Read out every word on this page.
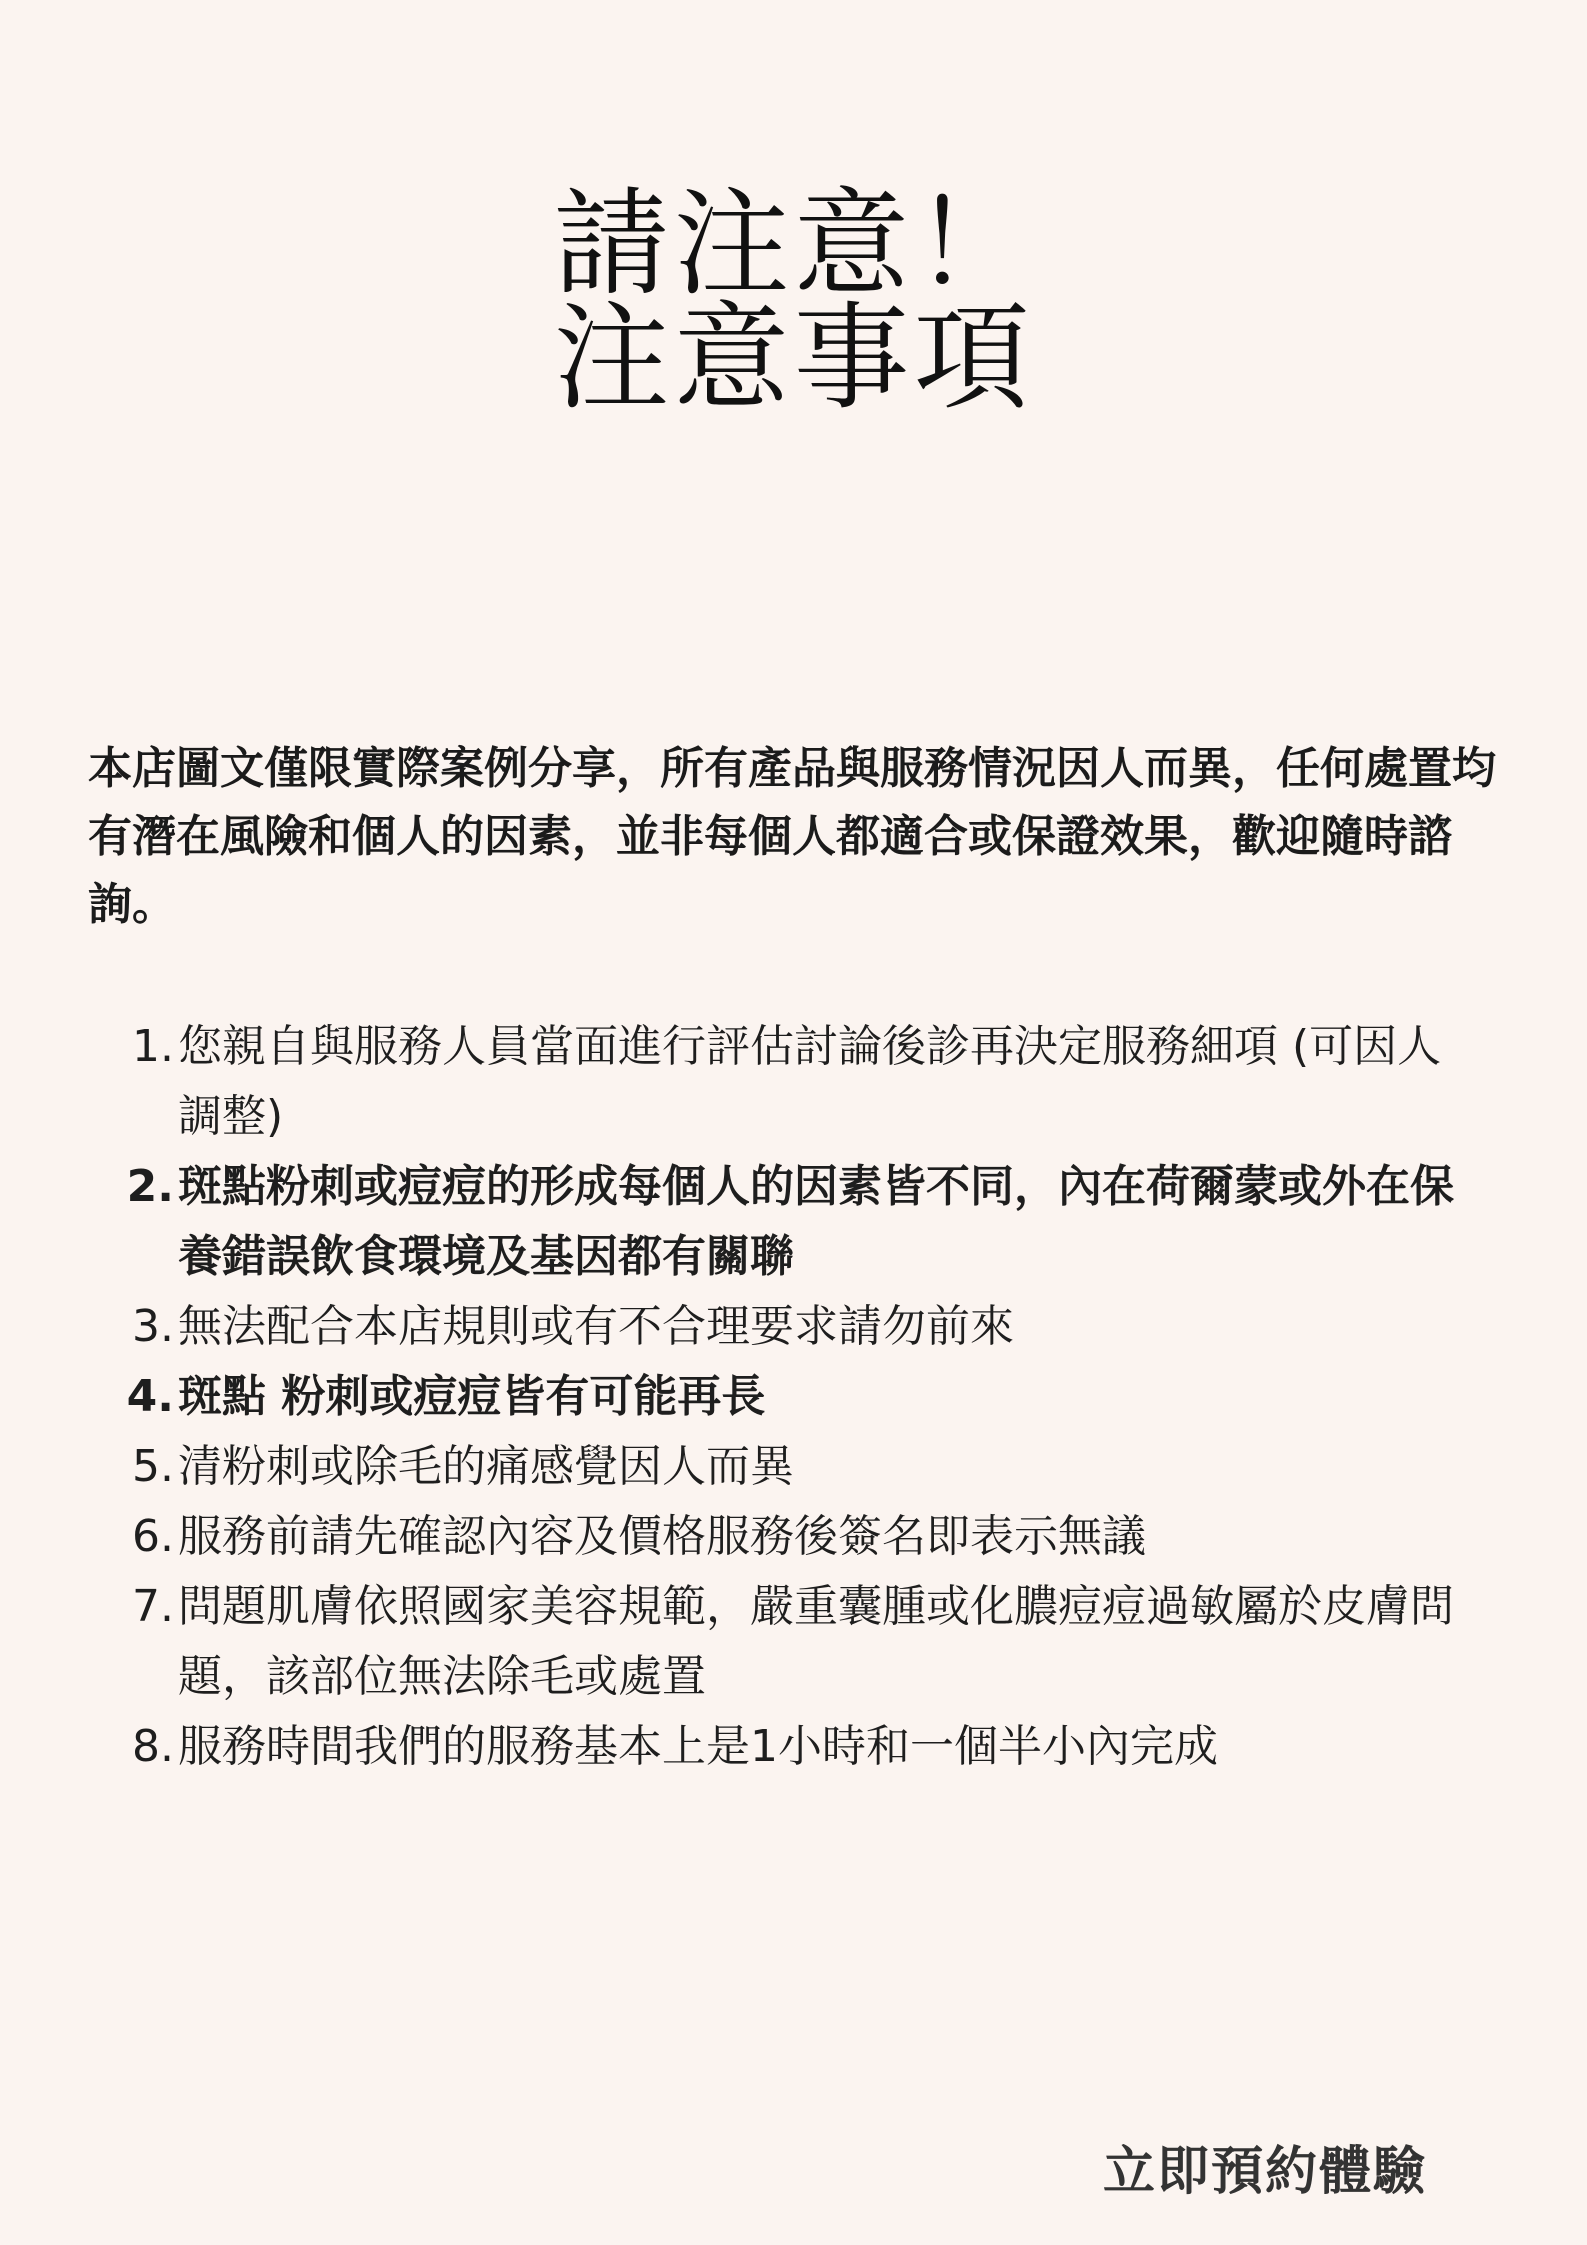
請注意！
注意事項

本店圖文僅限實際案例分享，所有產品與服務情況因人而異，任何處置均有潛在風險和個人的因素，並非每個人都適合或保證效果，歡迎隨時諮詢。

1. 您親自與服務人員當面進行評估討論後診再決定服務細項 (可因人調整)
2. 斑點粉刺或痘痘的形成每個人的因素皆不同，內在荷爾蒙或外在保養錯誤飲食環境及基因都有關聯
3. 無法配合本店規則或有不合理要求請勿前來
4. 斑點 粉刺或痘痘皆有可能再長
5. 清粉刺或除毛的痛感覺因人而異
6. 服務前請先確認內容及價格服務後簽名即表示無議
7. 問題肌膚依照國家美容規範，嚴重囊腫或化膿痘痘過敏屬於皮膚問題，該部位無法除毛或處置
8. 服務時間我們的服務基本上是1小時和一個半小內完成
立即預約體驗
